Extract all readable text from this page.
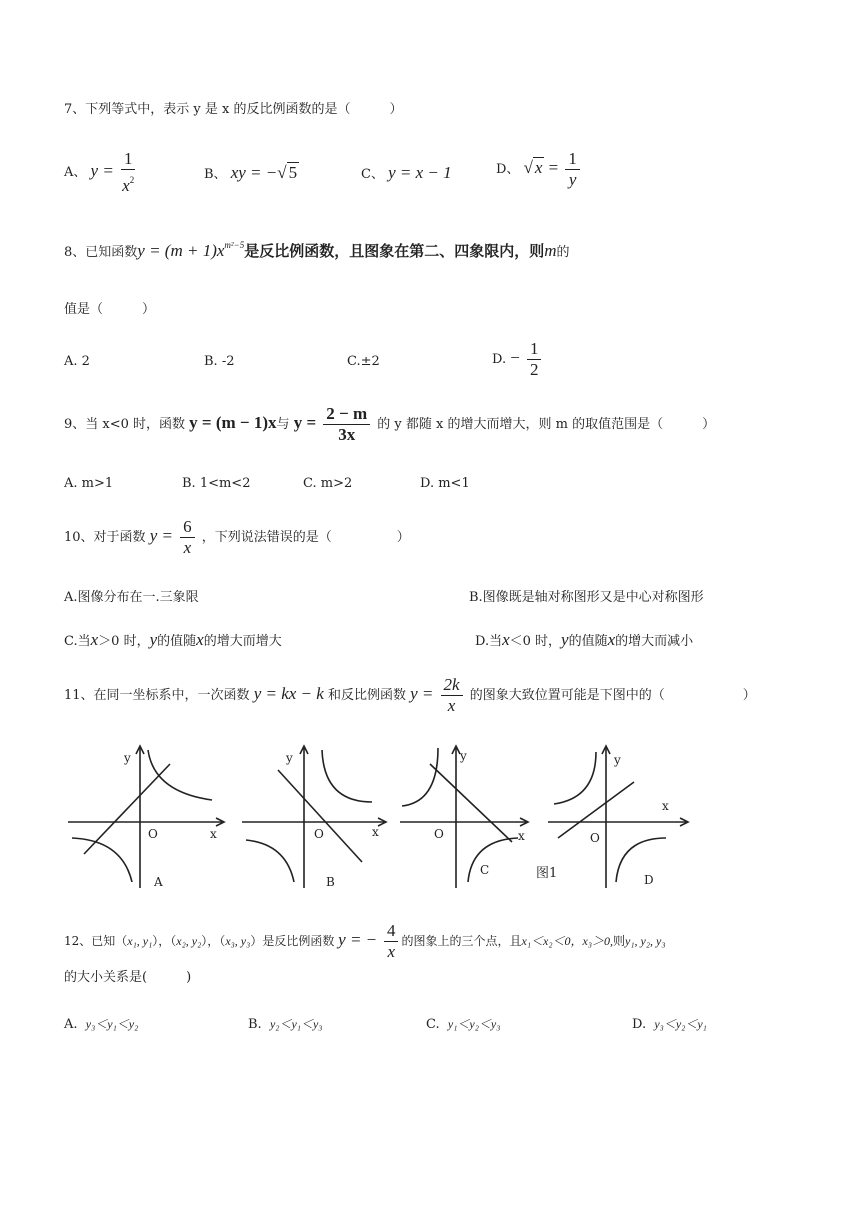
7、下列等式中，表示 y 是 x 的反比例函数的是（　　　）
A、 $y = \frac{1}{x^2}$	B、 xy = −√ 5	C、 y = x − 1	D、 √ $x = \frac{1}{y}$
8、已知函数$y = (m + 1)x^{m^2-5}$是反比例函数，且图象在第二、四象限内，则m的
值是（　　　）
A. 2	B. -2	C.±2	D. − $\frac{1}{2}$
9、当 x<0 时，函数 y = (m − 1)x与 $y = \frac{2 - m}{3x}$ 的 y 都随 x 的增大而增大，则 m 的取值范围是（　　　）
A. m>1	B. 1<m<2	C. m>2	D. m<1
10、对于函数 $y = \frac{6}{x}$ ，下列说法错误的是（　　　　　）
A.图像分布在一.三象限	B.图像既是轴对称图形又是中心对称图形
C.当x＞0 时，y的值随x的增大而增大	D.当x＜0 时，y的值随x的增大而减小
11、在同一坐标系中，一次函数 y = kx − k 和反比例函数 $y = \frac{2k}{x}$ 的图象大致位置可能是下图中的（　　　　　　）
y
O	x
A
y
O	x
B
y
O	x
C	图1
y
O
x
D
12、已知（x₁, y₁），（x₂, y₂），（x₃, y₃）是反比例函数 y = − $\frac{4}{x}$ 的图象上的三个点，且x₁＜x₂＜0，x₃＞0,则y₁, y₂, y₃
的大小关系是(　　　)
A. y₃＜y₁＜y₂	B. y₂＜y₁＜y₃	C. y₁＜y₂＜y₃	D. y₃＜y₂＜y₁
